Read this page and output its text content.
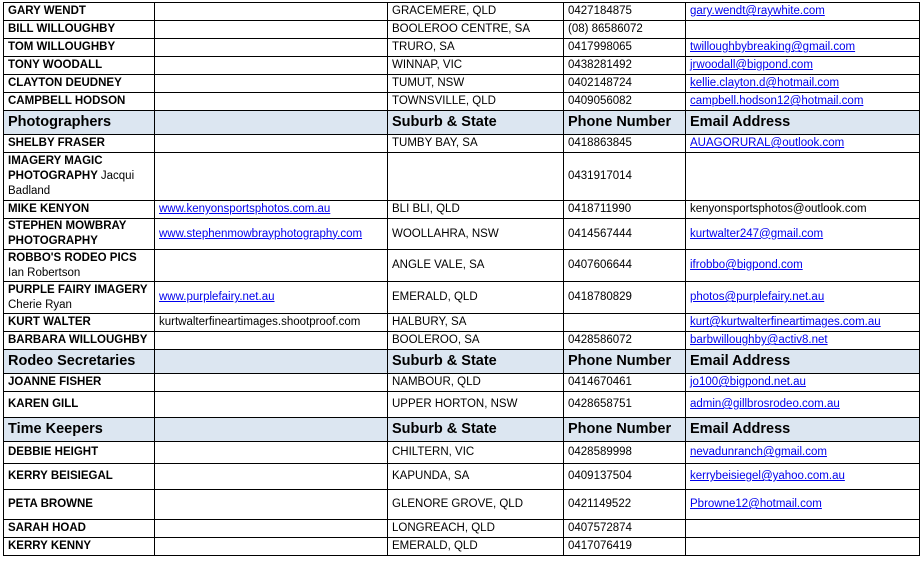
GARY WENDT		GRACEMERE, QLD	0427184875	gary.wendt@raywhite.com
BILL WILLOUGHBY		BOOLEROO CENTRE, SA	(08) 86586072	
TOM WILLOUGHBY		TRURO, SA	0417998065	twilloughbybreaking@gmail.com
TONY WOODALL		WINNAP, VIC	0438281492	jrwoodall@bigpond.com
CLAYTON DEUDNEY		TUMUT, NSW	0402148724	kellie.clayton.d@hotmail.com
CAMPBELL HODSON		TOWNSVILLE, QLD	0409056082	campbell.hodson12@hotmail.com
Photographers		Suburb & State	Phone Number	Email Address
SHELBY FRASER		TUMBY BAY, SA	0418863845	AUAGORURAL@outlook.com
IMAGERY MAGIC PHOTOGRAPHY Jacqui Badland			0431917014	
MIKE KENYON	www.kenyonsportsphotos.com.au	BLI BLI, QLD	0418711990	kenyonsportsphotos@outlook.com
STEPHEN MOWBRAY PHOTOGRAPHY	www.stephenmowbrayphotography.com	WOOLLAHRA, NSW	0414567444	kurtwalter247@gmail.com
ROBBO'S RODEO PICS Ian Robertson		ANGLE VALE, SA	0407606644	ifrobbo@bigpond.com
PURPLE FAIRY IMAGERY Cherie Ryan	www.purplefairy.net.au	EMERALD, QLD	0418780829	photos@purplefairy.net.au
KURT WALTER	kurtwalterfineartimages.shootproof.com	HALBURY, SA		kurt@kurtwalterfineartimages.com.au
BARBARA WILLOUGHBY		BOOLEROO, SA	0428586072	barbwilloughby@activ8.net
Rodeo Secretaries		Suburb & State	Phone Number	Email Address
JOANNE FISHER		NAMBOUR, QLD	0414670461	jo100@bigpond.net.au
KAREN GILL		UPPER HORTON, NSW	0428658751	admin@gillbrosrodeo.com.au
Time Keepers		Suburb & State	Phone Number	Email Address
DEBBIE HEIGHT		CHILTERN, VIC	0428589998	nevadunranch@gmail.com
KERRY BEISIEGAL		KAPUNDA, SA	0409137504	kerrybeisiegel@yahoo.com.au
PETA BROWNE		GLENORE GROVE, QLD	0421149522	Pbrowne12@hotmail.com
SARAH HOAD		LONGREACH, QLD	0407572874	
KERRY KENNY		EMERALD, QLD	0417076419	
